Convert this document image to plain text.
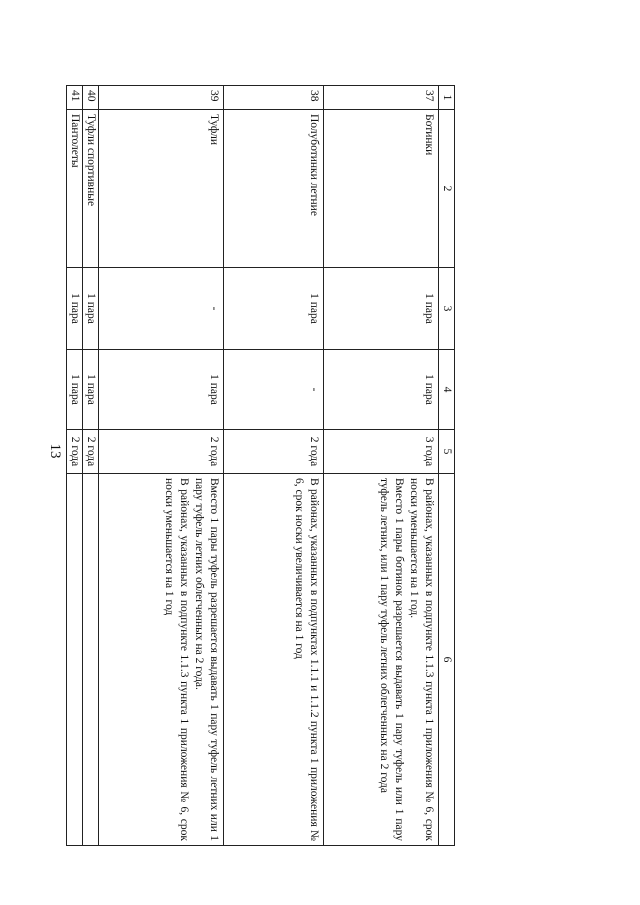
13
1	2	3	4	5	6
37	Ботинки	1 пара	1 пара	3 года	В районах, указанных в подпункте 1.1.3 пункта 1 приложения № 6, срок носки уменьшается на 1 год.
Вместо 1 пары ботинок разрешается выдавать 1 пару туфель или 1 пару туфель летних, или 1 пару туфель летних облегченных на 2 года

38	Полуботинки летние	1 пара	-	2 года	В районах, указанных в подпунктах 1.1.1 и 1.1.2 пункта 1 приложения № 6, срок носки увеличивается на 1 год

39	Туфли	-	1 пара	2 года	Вместо 1 пары туфель разрешается выдавать 1 пару туфель летних или 1 пару туфель летних облегченных на 2 года.
В районах, указанных в подпункте 1.1.3 пункта 1 приложения № 6, срок носки уменьшается на 1 год

40	Туфли спортивные	1 пара	1 пара	2 года	
41	Пантолеты	1 пара	1 пара	2 года	
